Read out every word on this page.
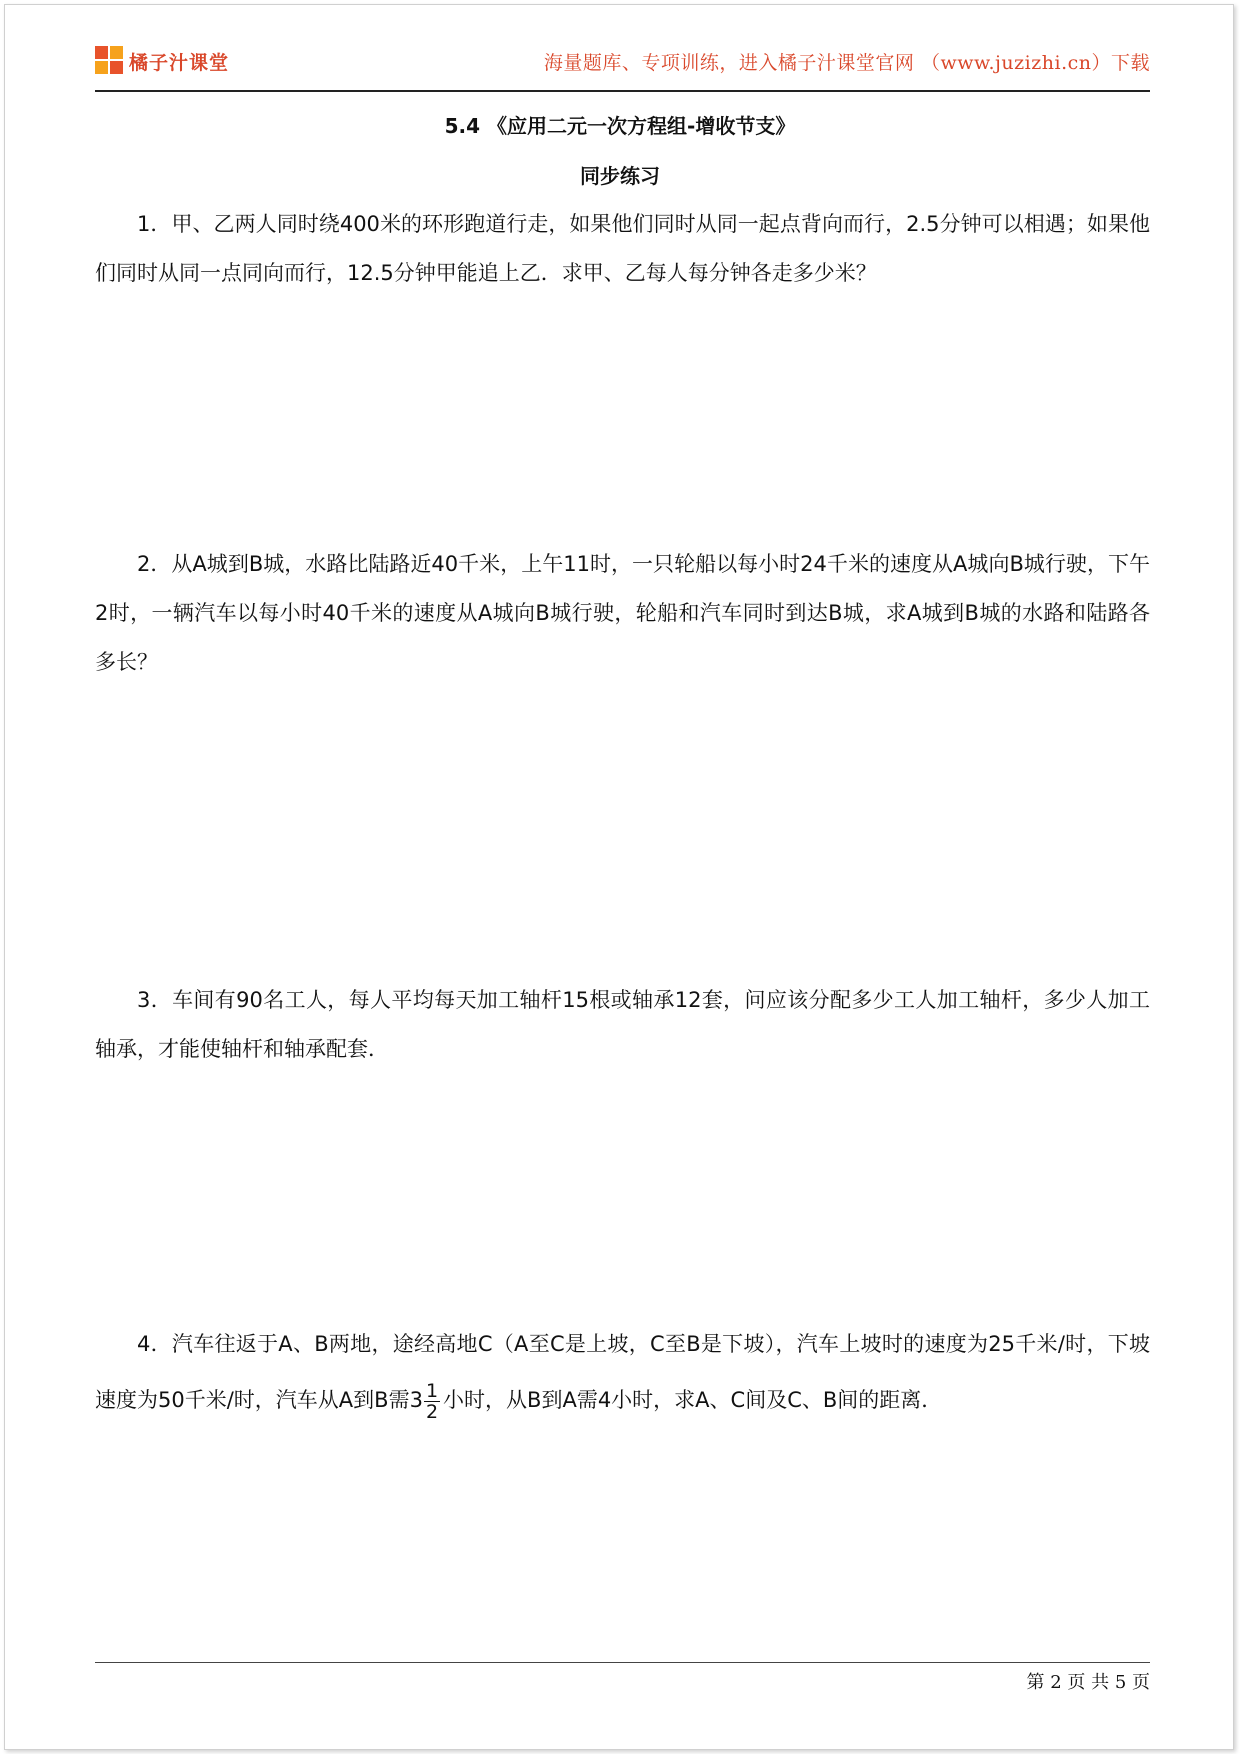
橘子汁课堂	海量题库、专项训练，进入橘子汁课堂官网 （www.juzizhi.cn）下载
5.4 《应用二元一次方程组-增收节支》
同步练习
1．甲、乙两人同时绕400米的环形跑道行走，如果他们同时从同一起点背向而行，2.5分钟可以相遇；如果他们同时从同一点同向而行，12.5分钟甲能追上乙．求甲、乙每人每分钟各走多少米？
2．从A城到B城，水路比陆路近40千米，上午11时，一只轮船以每小时24千米的速度从A城向B城行驶，下午2时，一辆汽车以每小时40千米的速度从A城向B城行驶，轮船和汽车同时到达B城，求A城到B城的水路和陆路各多长？
3．车间有90名工人，每人平均每天加工轴杆15根或轴承12套，问应该分配多少工人加工轴杆，多少人加工轴承，才能使轴杆和轴承配套．
4．汽车往返于A、B两地，途经高地C（A至C是上坡，C至B是下坡），汽车上坡时的速度为25千米/时，下坡速度为50千米/时，汽车从A到B需$3 \frac{1}{2}$ 小时，从B到A需4小时，求A、C间及C、B间的距离．
第 2 页 共 5 页
